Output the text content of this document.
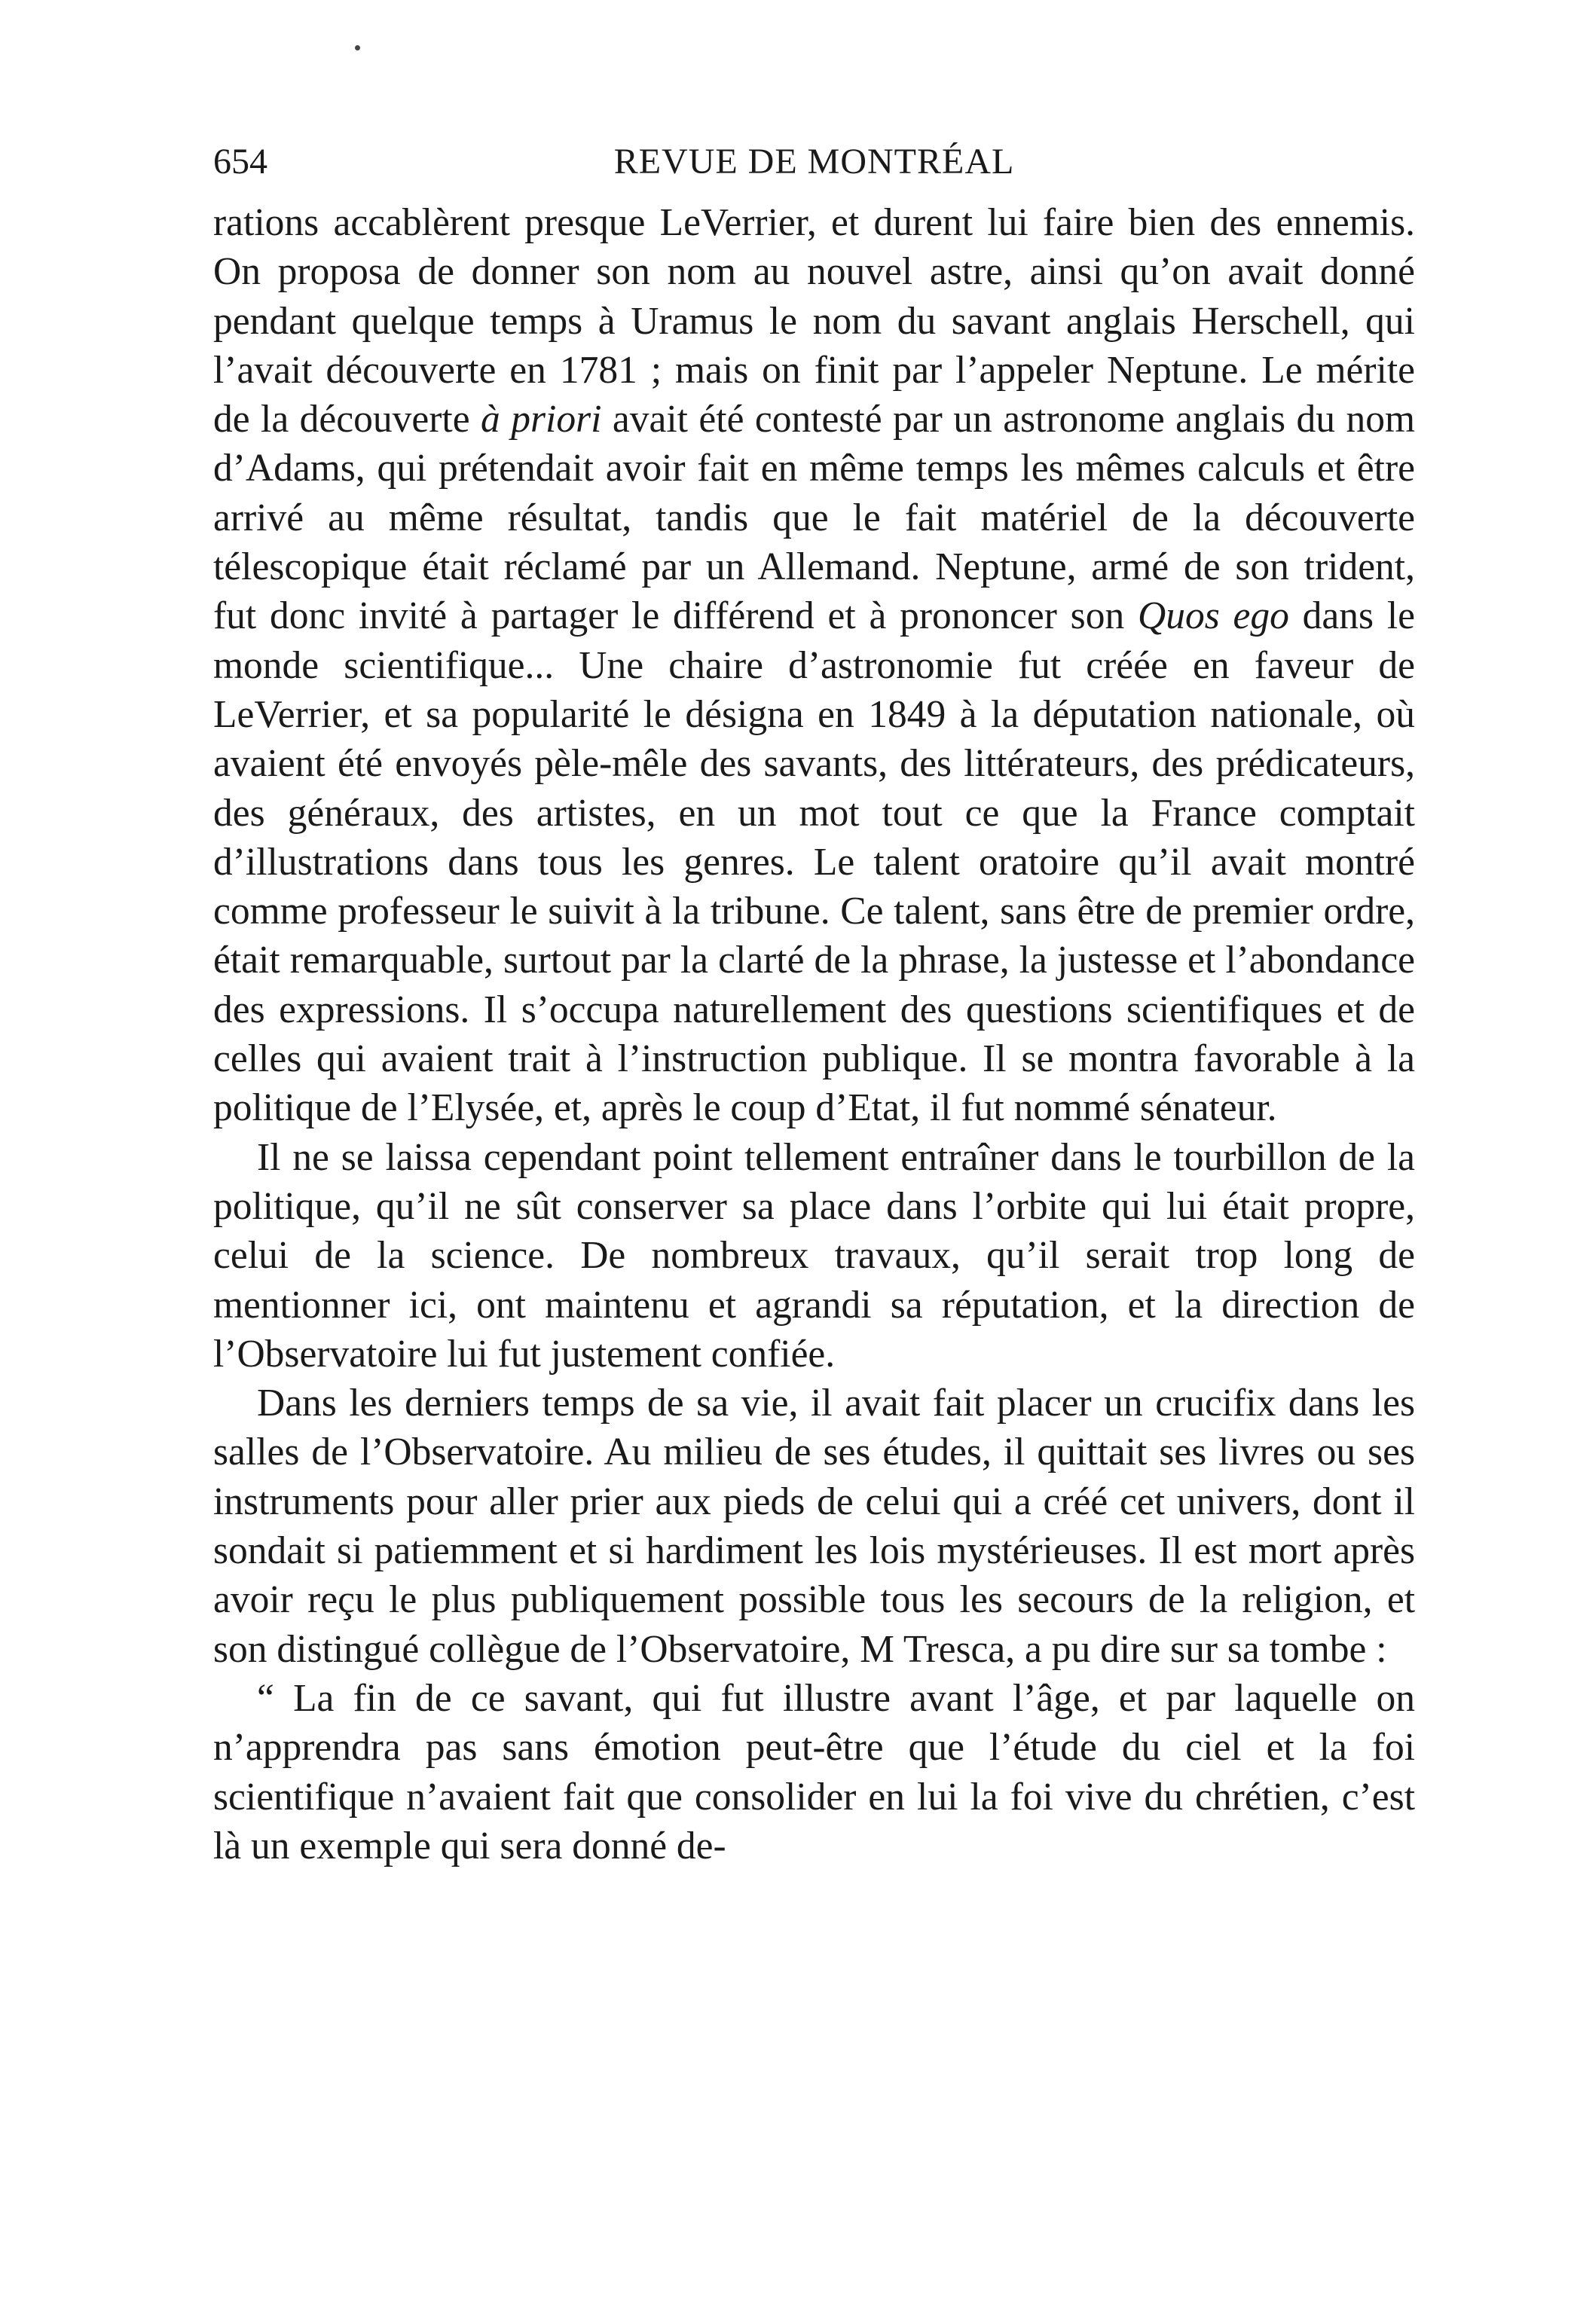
654	REVUE DE MONTRÉAL

rations accablèrent presque LeVerrier, et durent lui faire bien des ennemis. On proposa de donner son nom au nouvel astre, ainsi qu’on avait donné pendant quelque temps à Uramus le nom du savant anglais Herschell, qui l’avait découverte en 1781 ; mais on finit par l’appeler Neptune. Le mérite de la découverte à priori avait été contesté par un astronome anglais du nom d’Adams, qui prétendait avoir fait en même temps les mêmes calculs et être arrivé au même résultat, tandis que le fait matériel de la découverte télescopique était réclamé par un Allemand. Neptune, armé de son trident, fut donc invité à partager le différend et à prononcer son Quos ego dans le monde scientifique... Une chaire d’astronomie fut créée en faveur de LeVerrier, et sa popularité le désigna en 1849 à la députation nationale, où avaient été envoyés pèle-mêle des savants, des littérateurs, des prédicateurs, des généraux, des artistes, en un mot tout ce que la France comptait d’illustrations dans tous les genres. Le talent oratoire qu’il avait montré comme professeur le suivit à la tribune. Ce talent, sans être de premier ordre, était remarquable, surtout par la clarté de la phrase, la justesse et l’abondance des expressions. Il s’occupa naturellement des questions scientifiques et de celles qui avaient trait à l’instruction publique. Il se montra favorable à la politique de l’Elysée, et, après le coup d’Etat, il fut nommé sénateur.

Il ne se laissa cependant point tellement entraîner dans le tourbillon de la politique, qu’il ne sût conserver sa place dans l’orbite qui lui était propre, celui de la science. De nombreux travaux, qu’il serait trop long de mentionner ici, ont maintenu et agrandi sa réputation, et la direction de l’Observatoire lui fut justement confiée.

Dans les derniers temps de sa vie, il avait fait placer un crucifix dans les salles de l’Observatoire. Au milieu de ses études, il quittait ses livres ou ses instruments pour aller prier aux pieds de celui qui a créé cet univers, dont il sondait si patiemment et si hardiment les lois mystérieuses. Il est mort après avoir reçu le plus publiquement possible tous les secours de la religion, et son distingué collègue de l’Observatoire, M Tresca, a pu dire sur sa tombe :

“ La fin de ce savant, qui fut illustre avant l’âge, et par laquelle on n’apprendra pas sans émotion peut-être que l’étude du ciel et la foi scientifique n’avaient fait que consolider en lui la foi vive du chrétien, c’est là un exemple qui sera donné de-
